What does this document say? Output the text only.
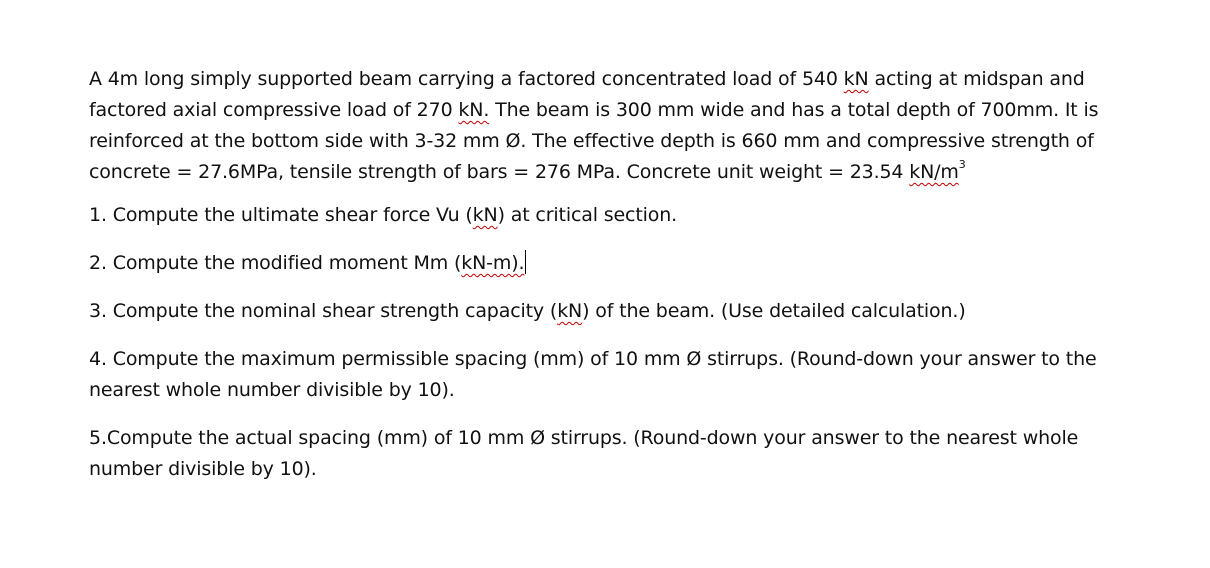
A 4m long simply supported beam carrying a factored concentrated load of 540 kN acting at midspan and factored axial compressive load of 270 kN. The beam is 300 mm wide and has a total depth of 700mm. It is reinforced at the bottom side with 3-32 mm Ø. The effective depth is 660 mm and compressive strength of concrete = 27.6MPa, tensile strength of bars = 276 MPa. Concrete unit weight = 23.54 $kN/m^3$

1. Compute the ultimate shear force Vu (kN) at critical section.

2. Compute the modified moment Mm (kN-m).

3. Compute the nominal shear strength capacity (kN) of the beam. (Use detailed calculation.)

4. Compute the maximum permissible spacing (mm) of 10 mm Ø stirrups. (Round-down your answer to the nearest whole number divisible by 10).

5.Compute the actual spacing (mm) of 10 mm Ø stirrups. (Round-down your answer to the nearest whole number divisible by 10).
